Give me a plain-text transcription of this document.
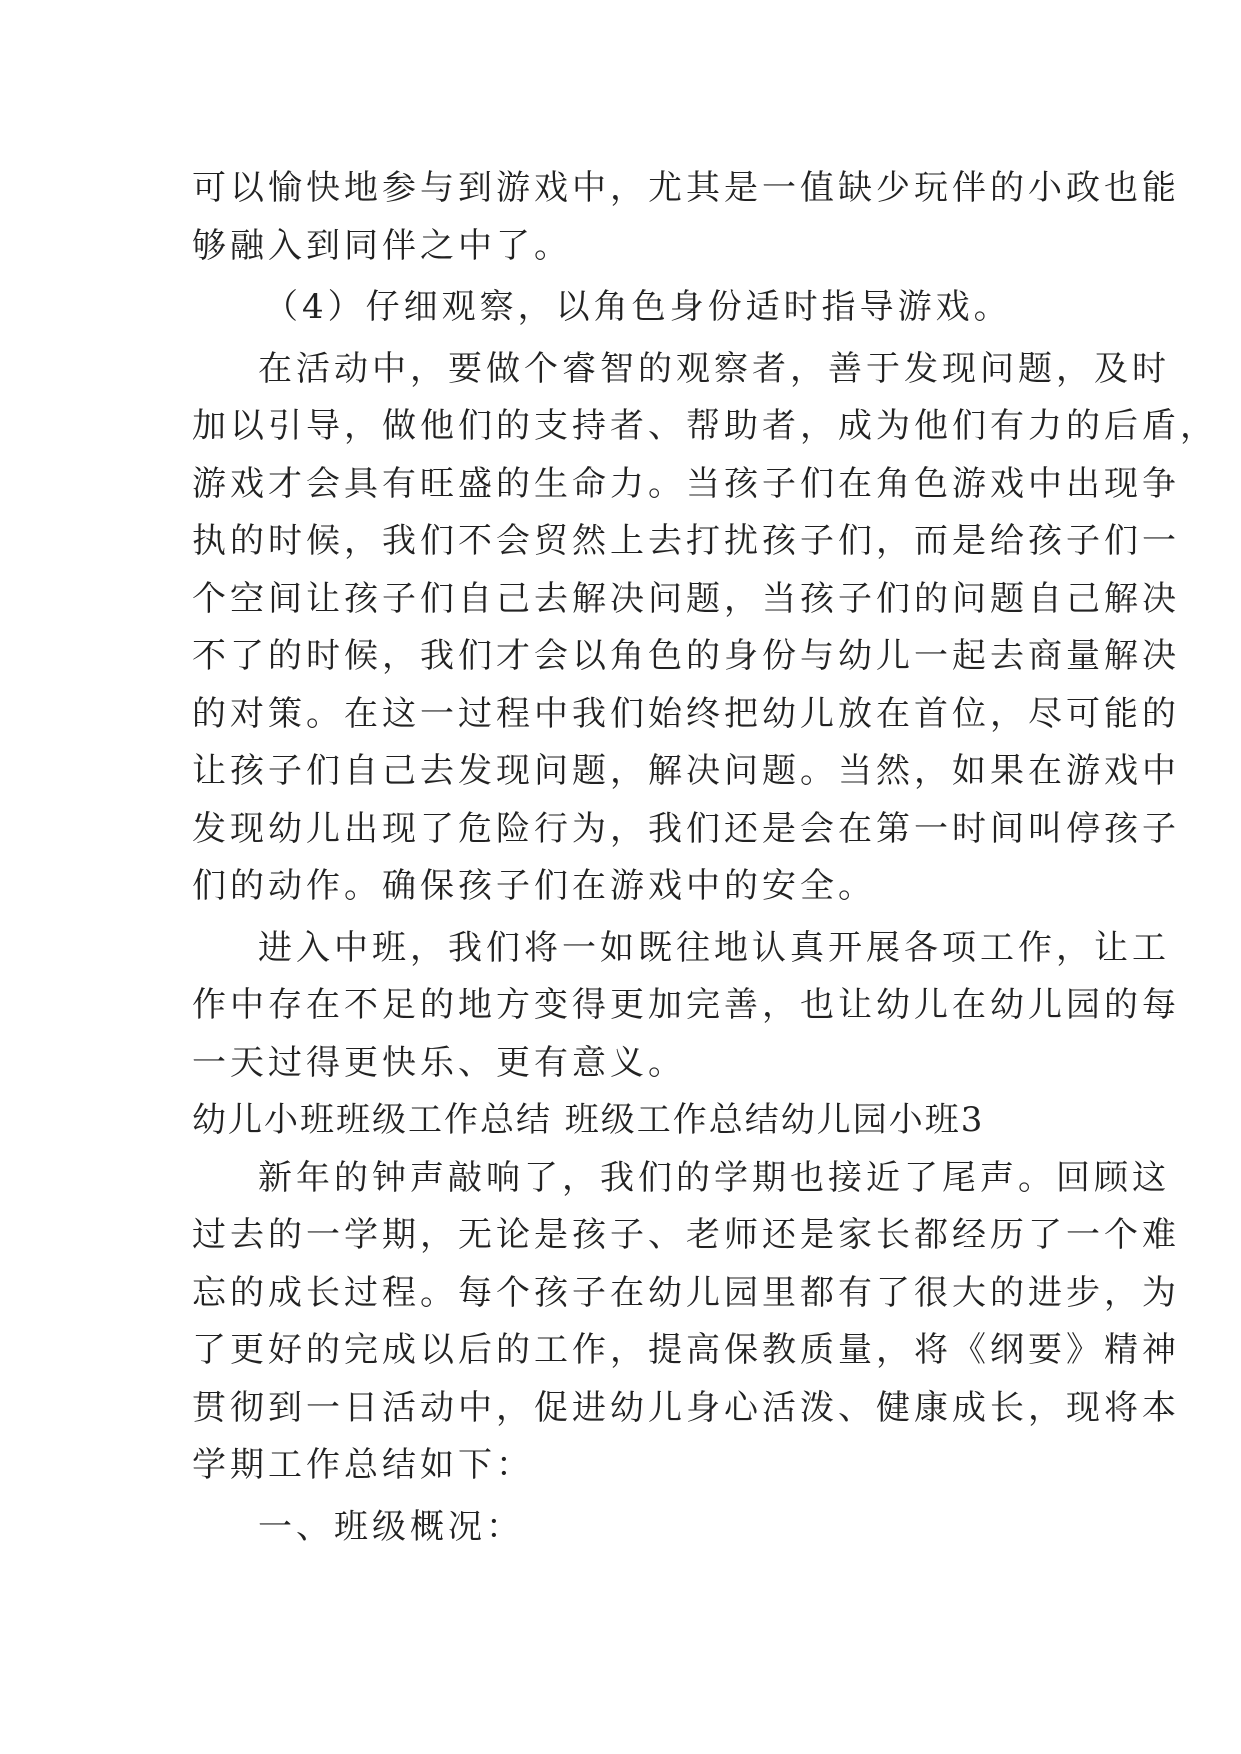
可以愉快地参与到游戏中，尤其是一值缺少玩伴的小政也能
够融入到同伴之中了。
（4）仔细观察，以角色身份适时指导游戏。
在活动中，要做个睿智的观察者，善于发现问题，及时
加以引导，做他们的支持者、帮助者，成为他们有力的后盾，
游戏才会具有旺盛的生命力。当孩子们在角色游戏中出现争
执的时候，我们不会贸然上去打扰孩子们，而是给孩子们一
个空间让孩子们自己去解决问题，当孩子们的问题自己解决
不了的时候，我们才会以角色的身份与幼儿一起去商量解决
的对策。在这一过程中我们始终把幼儿放在首位，尽可能的
让孩子们自己去发现问题，解决问题。当然，如果在游戏中
发现幼儿出现了危险行为，我们还是会在第一时间叫停孩子
们的动作。确保孩子们在游戏中的安全。
进入中班，我们将一如既往地认真开展各项工作，让工
作中存在不足的地方变得更加完善，也让幼儿在幼儿园的每
一天过得更快乐、更有意义。
幼儿小班班级工作总结 班级工作总结幼儿园小班3
新年的钟声敲响了，我们的学期也接近了尾声。回顾这
过去的一学期，无论是孩子、老师还是家长都经历了一个难
忘的成长过程。每个孩子在幼儿园里都有了很大的进步，为
了更好的完成以后的工作，提高保教质量，将《纲要》精神
贯彻到一日活动中，促进幼儿身心活泼、健康成长，现将本
学期工作总结如下：
一、班级概况：
